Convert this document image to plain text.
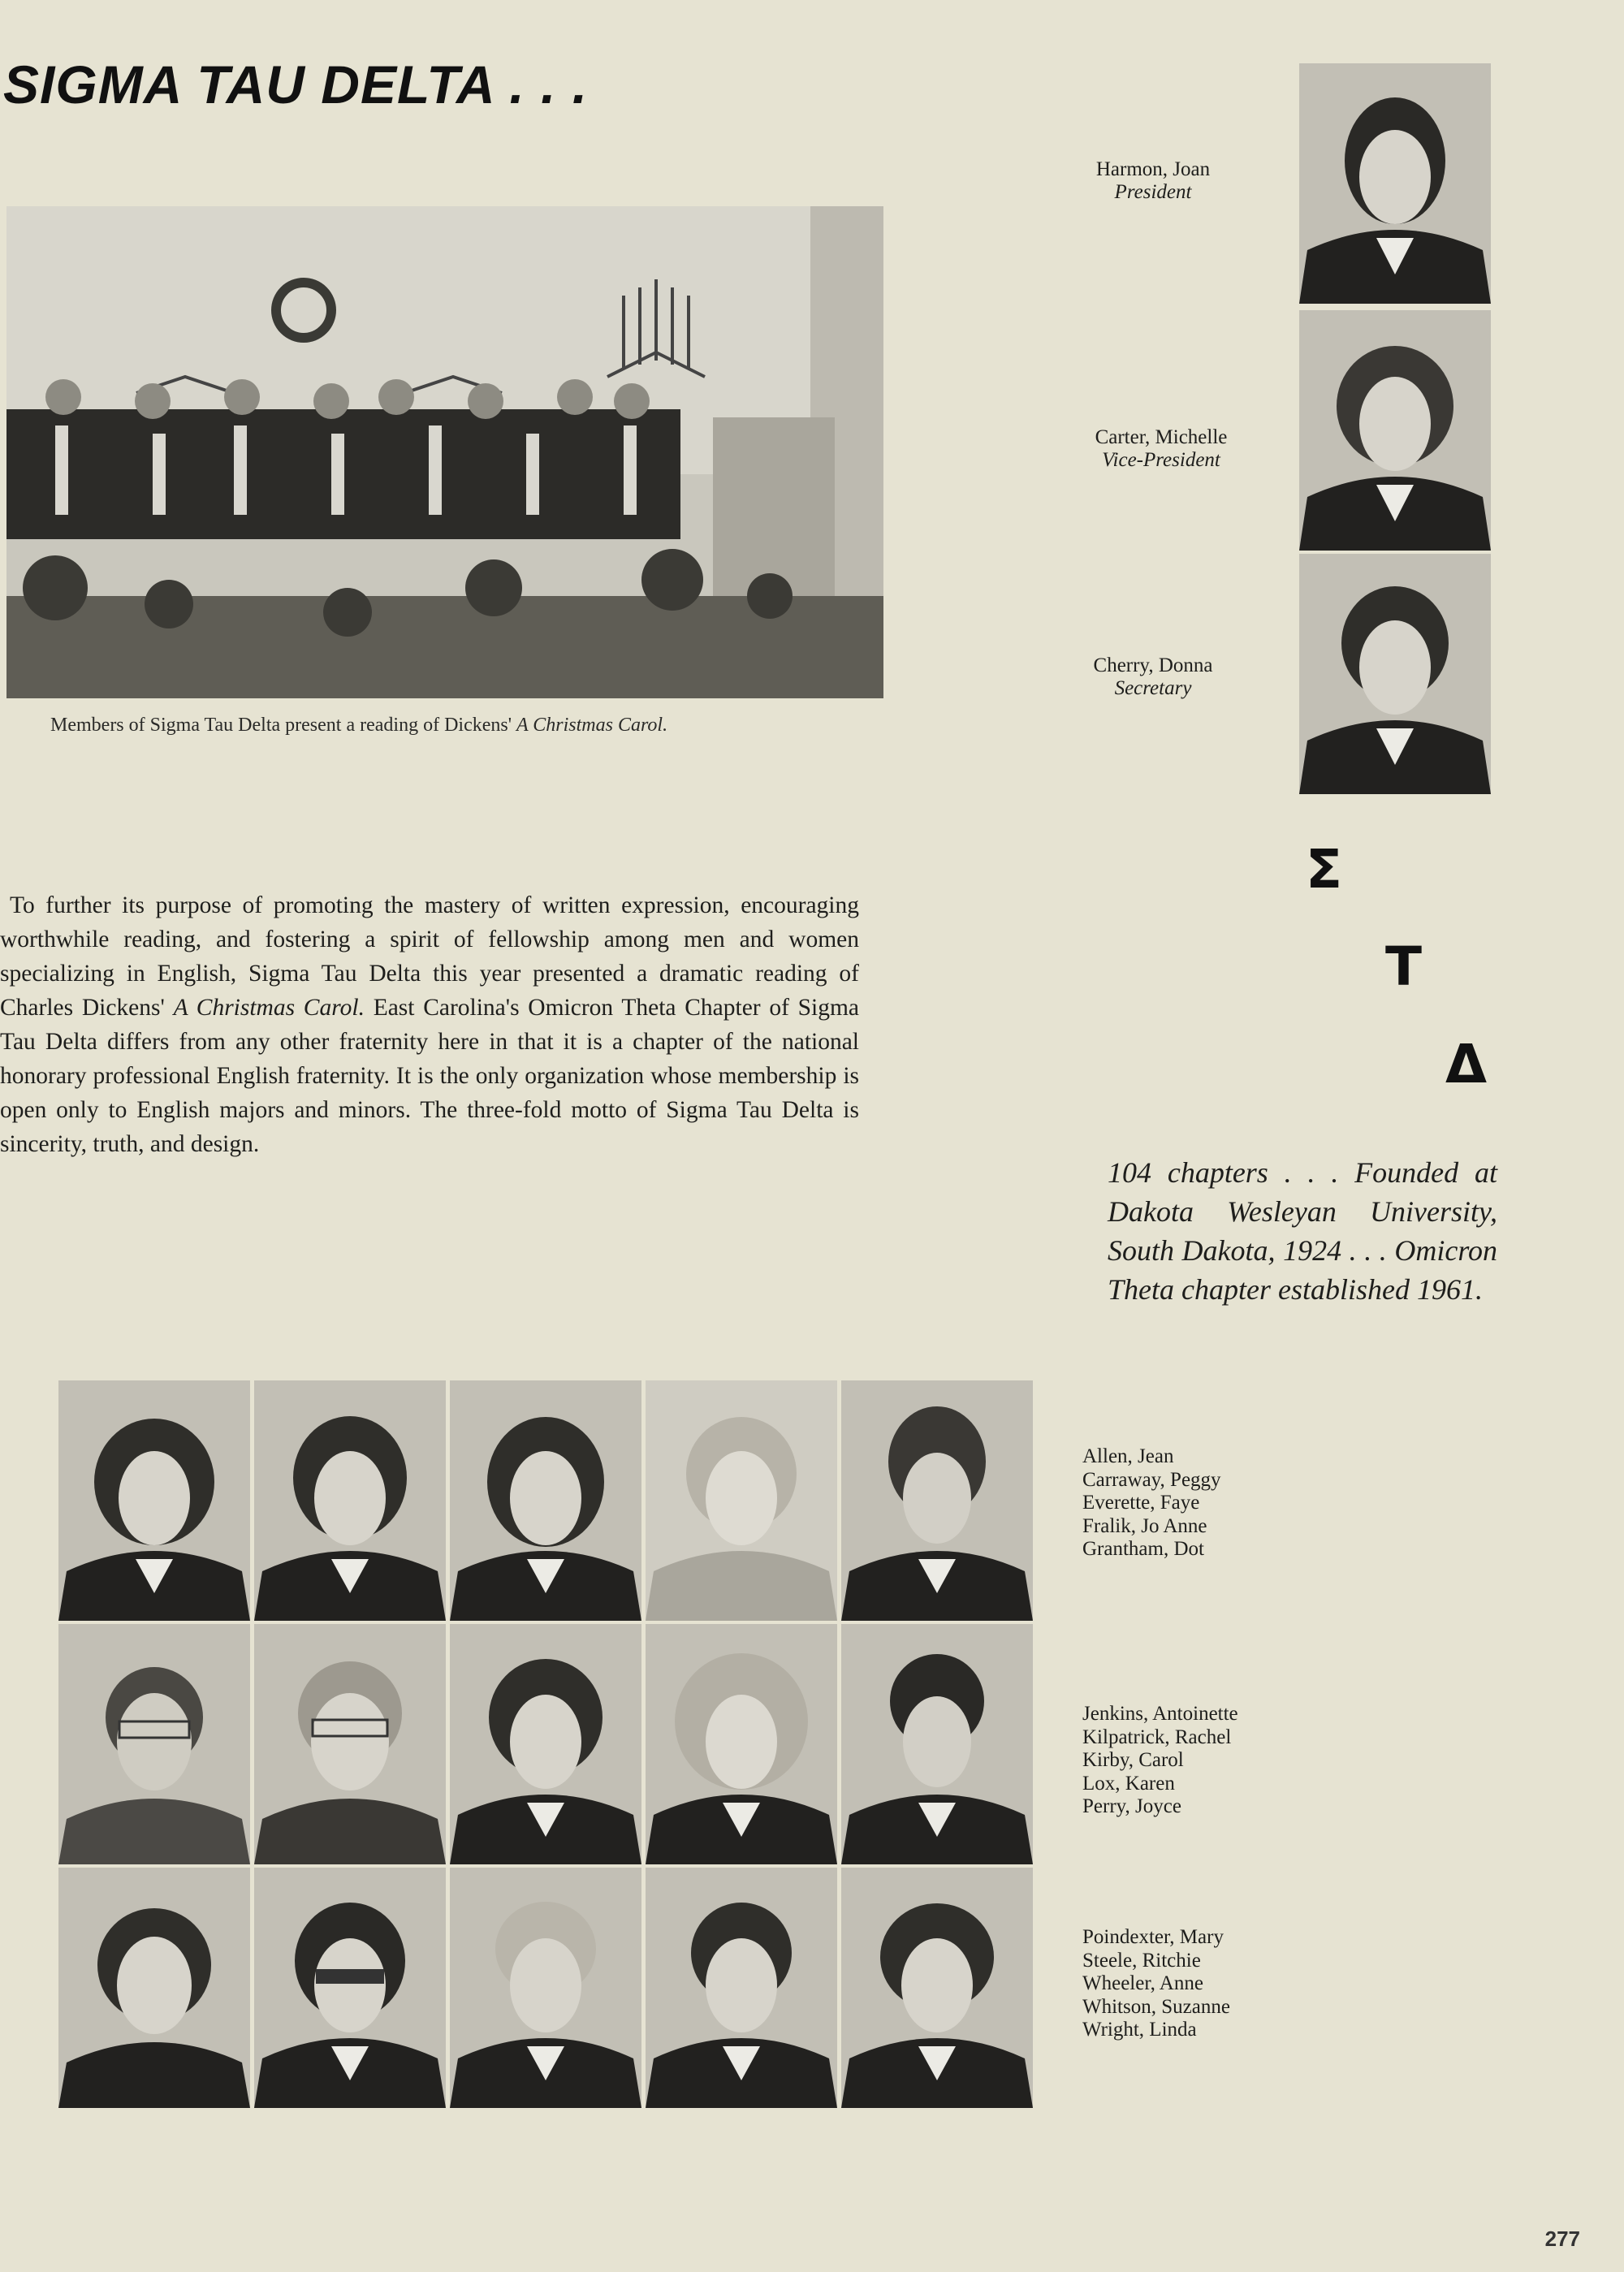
SIGMA TAU DELTA . . .
Members of Sigma Tau Delta present a reading of Dickens' A Christmas Carol.
To further its purpose of promoting the mastery of written expression, encouraging worthwhile reading, and fostering a spirit of fellowship among men and women specializing in English, Sigma Tau Delta this year presented a dramatic reading of Charles Dickens' A Christmas Carol. East Carolina's Omicron Theta Chapter of Sigma Tau Delta differs from any other fraternity here in that it is a chapter of the national honorary professional English fraternity. It is the only organization whose membership is open only to English majors and minors. The three-fold motto of Sigma Tau Delta is sincerity, truth, and design.
Harmon, Joan
President
Carter, Michelle
Vice-President
Cherry, Donna
Secretary
Σ
T
Δ
104 chapters . . . Founded at Dakota Wesleyan University, South Dakota, 1924 . . . Omicron Theta chapter established 1961.
Allen, Jean
Carraway, Peggy
Everette, Faye
Fralik, Jo Anne
Grantham, Dot
Jenkins, Antoinette
Kilpatrick, Rachel
Kirby, Carol
Lox, Karen
Perry, Joyce
Poindexter, Mary
Steele, Ritchie
Wheeler, Anne
Whitson, Suzanne
Wright, Linda
277
